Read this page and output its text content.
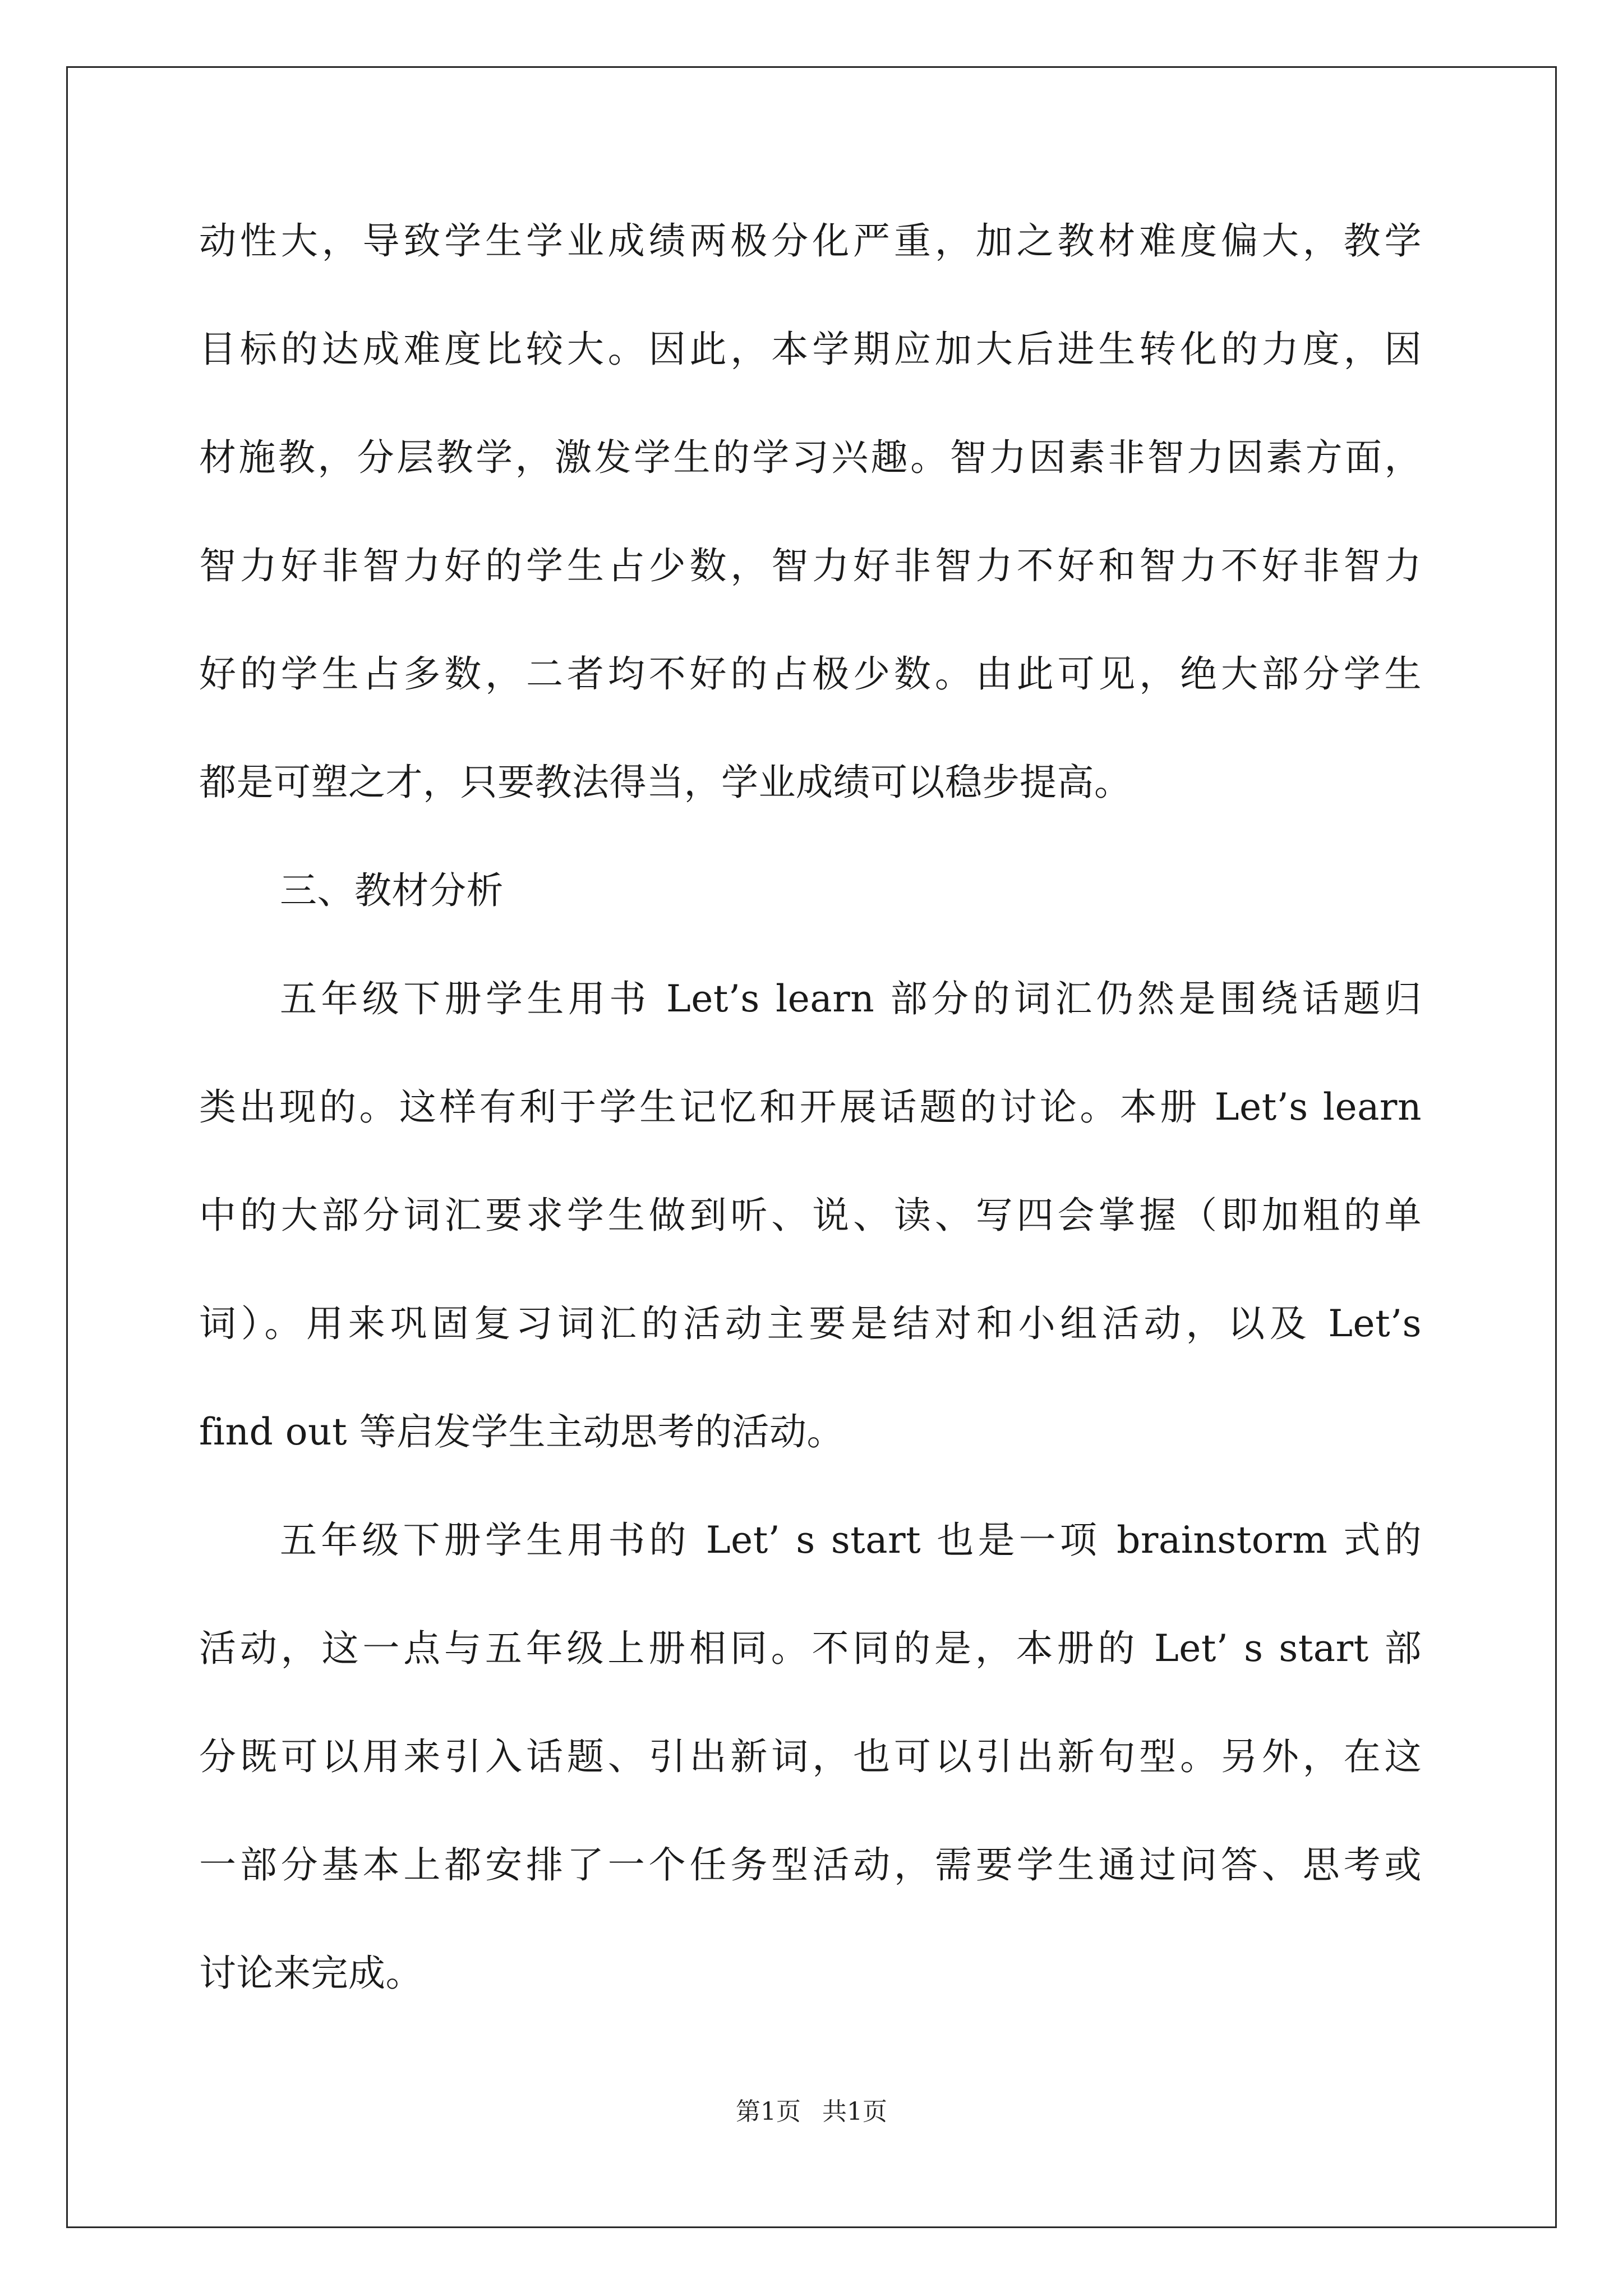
动性大，导致学生学业成绩两极分化严重，加之教材难度偏大，教学
目标的达成难度比较大。因此，本学期应加大后进生转化的力度，因
材施教，分层教学，激发学生的学习兴趣。智力因素非智力因素方面，
智力好非智力好的学生占少数，智力好非智力不好和智力不好非智力
好的学生占多数，二者均不好的占极少数。由此可见，绝大部分学生
都是可塑之才，只要教法得当，学业成绩可以稳步提高。
三、教材分析
五年级下册学生用书 Let’s learn 部分的词汇仍然是围绕话题归
类出现的。这样有利于学生记忆和开展话题的讨论。本册 Let’s learn
中的大部分词汇要求学生做到听、说、读、写四会掌握（即加粗的单
词）。用来巩固复习词汇的活动主要是结对和小组活动，以及 Let’s
find out 等启发学生主动思考的活动。
五年级下册学生用书的 Let’ s start 也是一项 brainstorm 式的
活动，这一点与五年级上册相同。不同的是，本册的 Let’ s start 部
分既可以用来引入话题、引出新词，也可以引出新句型。另外，在这
一部分基本上都安排了一个任务型活动，需要学生通过问答、思考或
讨论来完成。
第1页 共1页
